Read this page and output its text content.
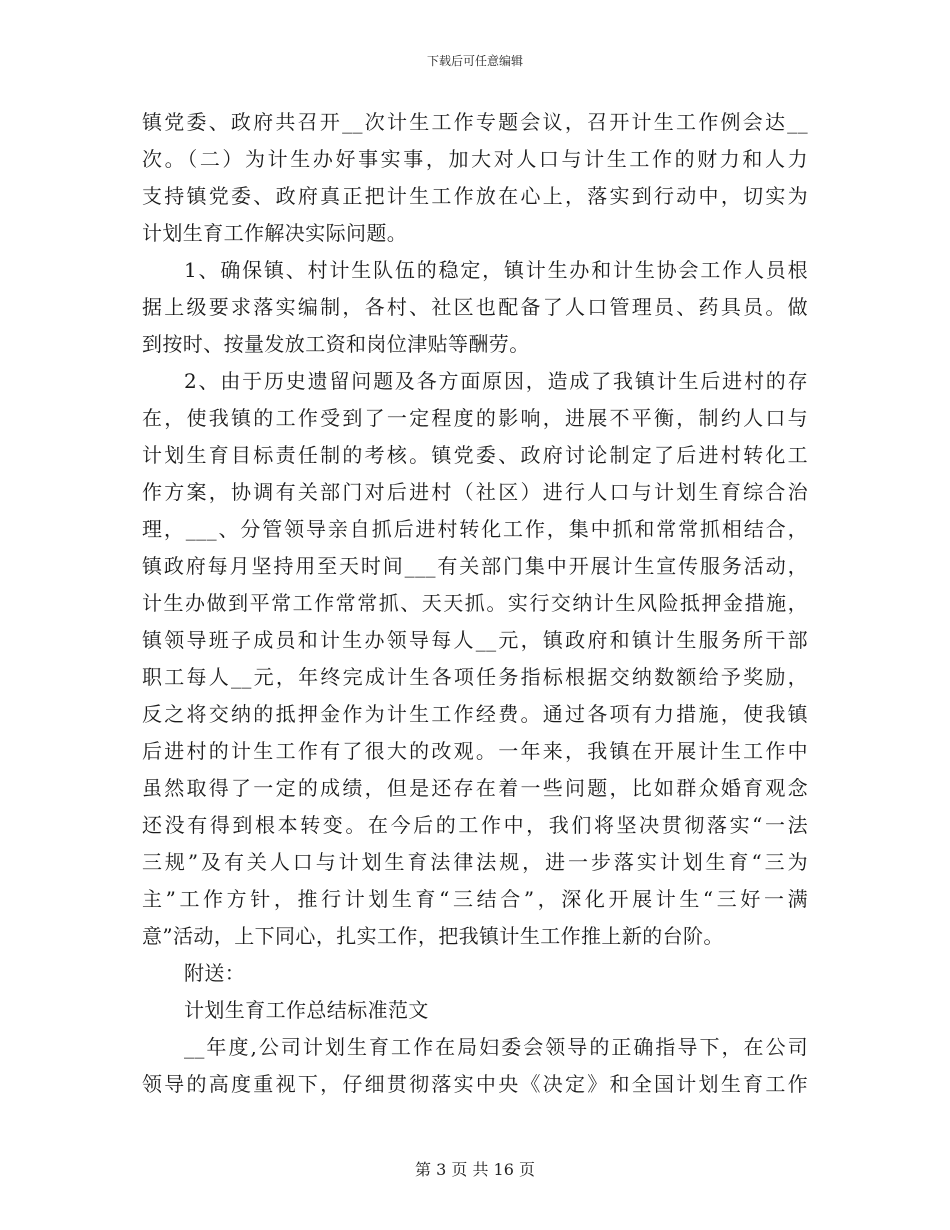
下载后可任意编辑
镇党委、政府共召开__次计生工作专题会议，召开计生工作例会达__
次。（二）为计生办好事实事，加大对人口与计生工作的财力和人力
支持镇党委、政府真正把计生工作放在心上，落实到行动中，切实为
计划生育工作解决实际问题。
1、确保镇、村计生队伍的稳定，镇计生办和计生协会工作人员根
据上级要求落实编制，各村、社区也配备了人口管理员、药具员。做
到按时、按量发放工资和岗位津贴等酬劳。
2、由于历史遗留问题及各方面原因，造成了我镇计生后进村的存
在，使我镇的工作受到了一定程度的影响，进展不平衡，制约人口与
计划生育目标责任制的考核。镇党委、政府讨论制定了后进村转化工
作方案，协调有关部门对后进村（社区）进行人口与计划生育综合治
理，___、分管领导亲自抓后进村转化工作，集中抓和常常抓相结合，
镇政府每月坚持用至天时间___有关部门集中开展计生宣传服务活动，
计生办做到平常工作常常抓、天天抓。实行交纳计生风险抵押金措施，
镇领导班子成员和计生办领导每人__元，镇政府和镇计生服务所干部
职工每人__元，年终完成计生各项任务指标根据交纳数额给予奖励，
反之将交纳的抵押金作为计生工作经费。通过各项有力措施，使我镇
后进村的计生工作有了很大的改观。一年来，我镇在开展计生工作中
虽然取得了一定的成绩，但是还存在着一些问题，比如群众婚育观念
还没有得到根本转变。在今后的工作中，我们将坚决贯彻落实“一法
三规”及有关人口与计划生育法律法规，进一步落实计划生育“三为
主”工作方针，推行计划生育“三结合”，深化开展计生“三好一满
意”活动，上下同心，扎实工作，把我镇计生工作推上新的台阶。
附送：
计划生育工作总结标准范文
__年度,公司计划生育工作在局妇委会领导的正确指导下，在公司
领导的高度重视下，仔细贯彻落实中央《决定》和全国计划生育工作
第 3 页 共 16 页
